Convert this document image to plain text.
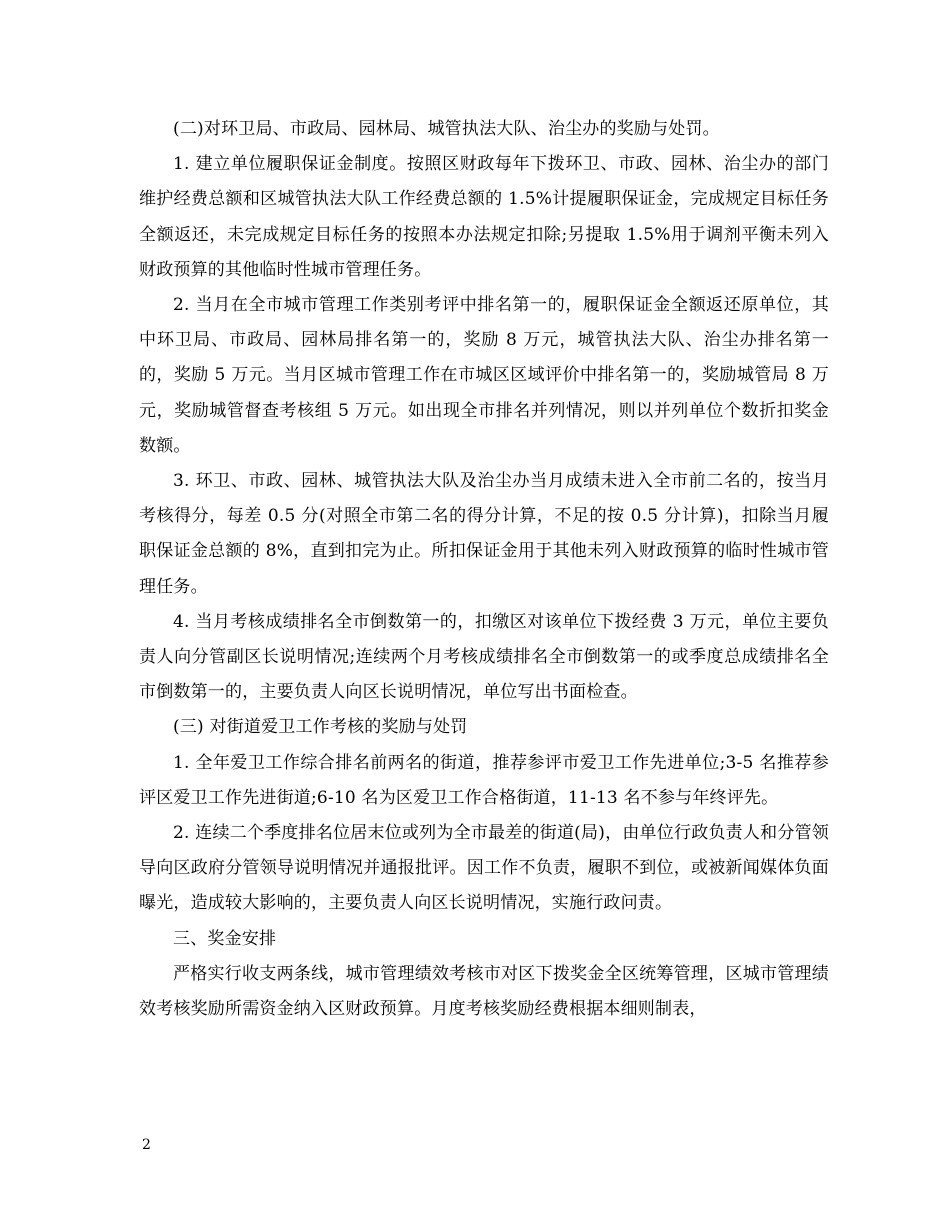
(二)对环卫局、市政局、园林局、城管执法大队、治尘办的奖励与处罚。

1. 建立单位履职保证金制度。按照区财政每年下拨环卫、市政、园林、治尘办的部门维护经费总额和区城管执法大队工作经费总额的 1.5%计提履职保证金，完成规定目标任务全额返还，未完成规定目标任务的按照本办法规定扣除;另提取 1.5%用于调剂平衡未列入财政预算的其他临时性城市管理任务。

2. 当月在全市城市管理工作类别考评中排名第一的，履职保证金全额返还原单位，其中环卫局、市政局、园林局排名第一的，奖励 8 万元，城管执法大队、治尘办排名第一的，奖励 5 万元。当月区城市管理工作在市城区区域评价中排名第一的，奖励城管局 8 万元，奖励城管督查考核组 5 万元。如出现全市排名并列情况，则以并列单位个数折扣奖金数额。

3. 环卫、市政、园林、城管执法大队及治尘办当月成绩未进入全市前二名的，按当月考核得分，每差 0.5 分(对照全市第二名的得分计算，不足的按 0.5 分计算)，扣除当月履职保证金总额的 8%，直到扣完为止。所扣保证金用于其他未列入财政预算的临时性城市管理任务。

4. 当月考核成绩排名全市倒数第一的，扣缴区对该单位下拨经费 3 万元，单位主要负责人向分管副区长说明情况;连续两个月考核成绩排名全市倒数第一的或季度总成绩排名全市倒数第一的，主要负责人向区长说明情况，单位写出书面检查。

(三) 对街道爱卫工作考核的奖励与处罚

1. 全年爱卫工作综合排名前两名的街道，推荐参评市爱卫工作先进单位;3-5 名推荐参评区爱卫工作先进街道;6-10 名为区爱卫工作合格街道，11-13 名不参与年终评先。

2. 连续二个季度排名位居末位或列为全市最差的街道(局)，由单位行政负责人和分管领导向区政府分管领导说明情况并通报批评。因工作不负责，履职不到位，或被新闻媒体负面曝光，造成较大影响的，主要负责人向区长说明情况，实施行政问责。

三、奖金安排

严格实行收支两条线，城市管理绩效考核市对区下拨奖金全区统筹管理，区城市管理绩效考核奖励所需资金纳入区财政预算。月度考核奖励经费根据本细则制表，

2
